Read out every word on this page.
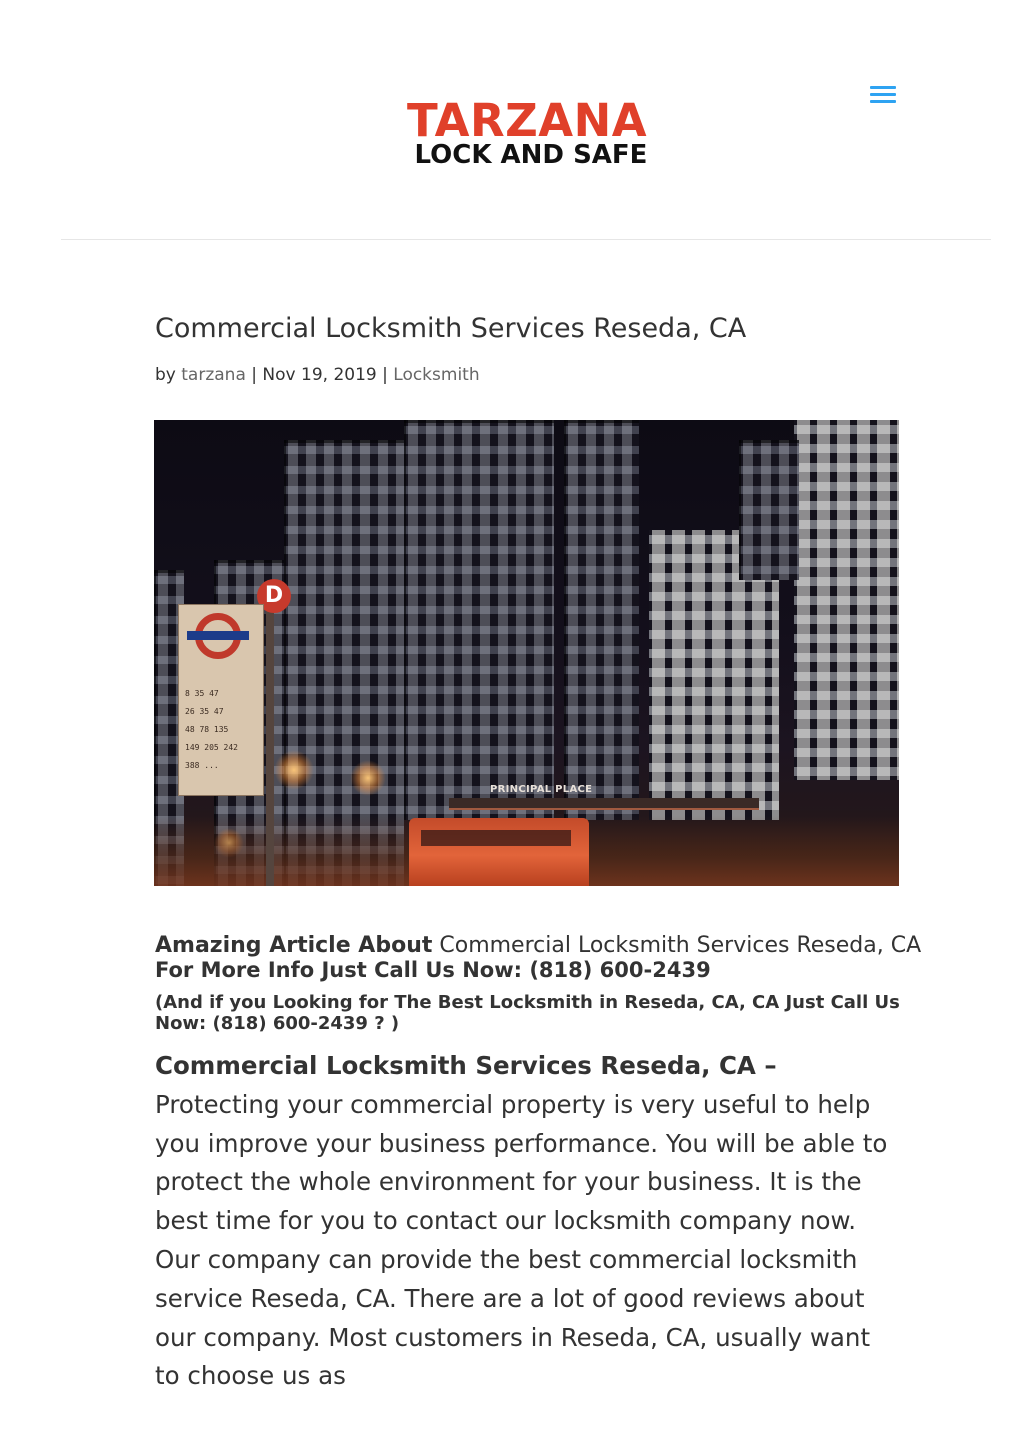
TARZANA
LOCK AND SAFE
Commercial Locksmith Services Reseda, CA
by tarzana | Nov 19, 2019 | Locksmith
PRINCIPAL PLACE
D
8 35 47
26 35 47
48 78 135
149 205 242
388 ...
Amazing Article About Commercial Locksmith Services Reseda, CA
For More Info Just Call Us Now: (818) 600-2439
(And if you Looking for The Best Locksmith in Reseda, CA, CA Just Call Us Now: (818) 600-2439 ? )

Commercial Locksmith Services Reseda, CA – Protecting your commercial property is very useful to help you improve your business performance. You will be able to protect the whole environment for your business. It is the best time for you to contact our locksmith company now. Our company can provide the best commercial locksmith service Reseda, CA. There are a lot of good reviews about our company. Most customers in Reseda, CA, usually want to choose us as
